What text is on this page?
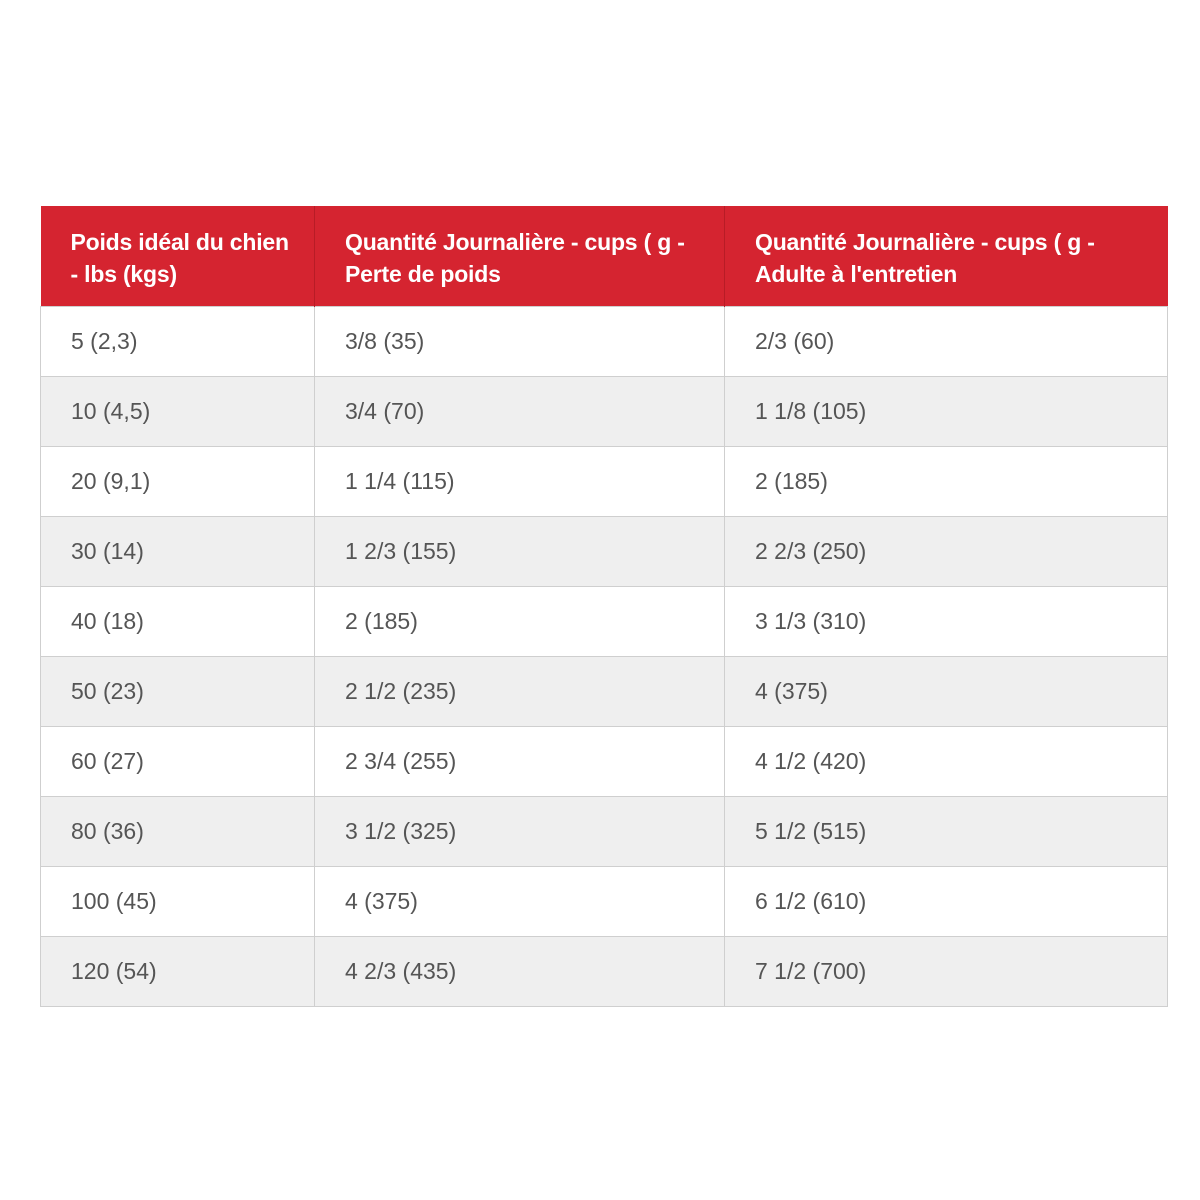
Poids idéal du chien - lbs (kgs)	Quantité Journalière - cups ( g - Perte de poids	Quantité Journalière - cups ( g - Adulte à l'entretien
5 (2,3)	3/8 (35)	2/3 (60)
10 (4,5)	3/4 (70)	1 1/8 (105)
20 (9,1)	1 1/4 (115)	2 (185)
30 (14)	1 2/3 (155)	2 2/3 (250)
40 (18)	2 (185)	3 1/3 (310)
50 (23)	2 1/2 (235)	4 (375)
60 (27)	2 3/4 (255)	4 1/2 (420)
80 (36)	3 1/2 (325)	5 1/2 (515)
100 (45)	4 (375)	6 1/2 (610)
120 (54)	4 2/3 (435)	7 1/2 (700)
